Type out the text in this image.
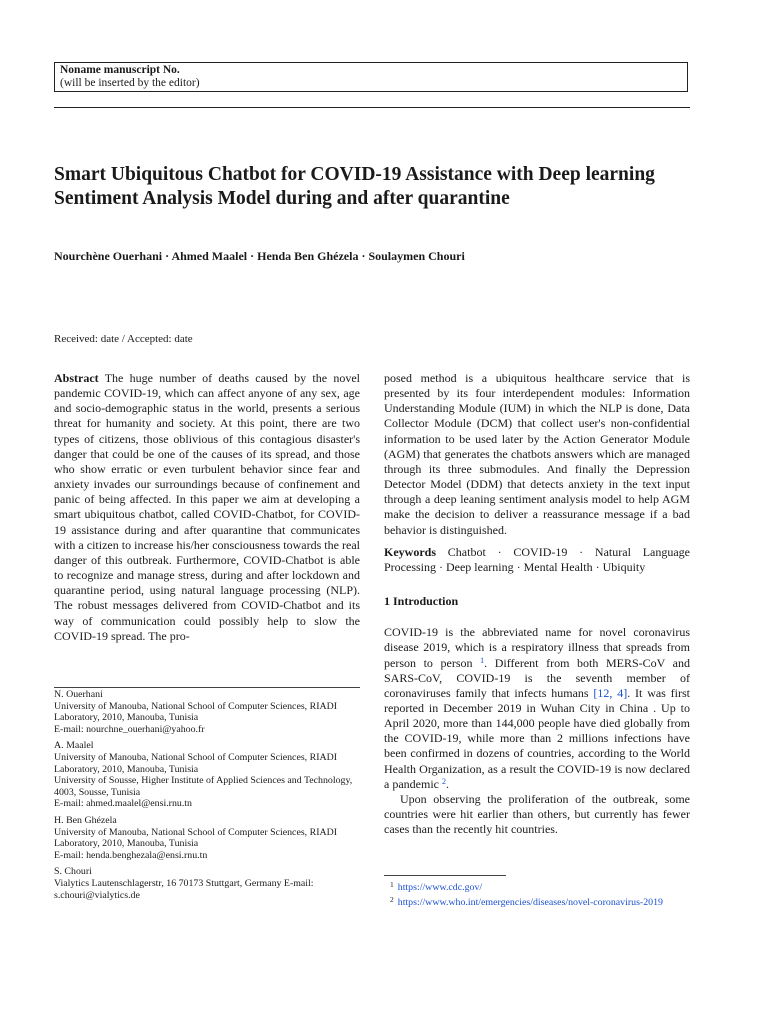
Noname manuscript No.
(will be inserted by the editor)
Smart Ubiquitous Chatbot for COVID-19 Assistance with Deep learning Sentiment Analysis Model during and after quarantine
Nourchène Ouerhani · Ahmed Maalel · Henda Ben Ghézela · Soulaymen Chouri
Received: date / Accepted: date

Abstract The huge number of deaths caused by the novel pandemic COVID-19, which can affect anyone of any sex, age and socio-demographic status in the world, presents a serious threat for humanity and society. At this point, there are two types of citizens, those oblivious of this contagious disaster's danger that could be one of the causes of its spread, and those who show erratic or even turbulent behavior since fear and anxiety invades our surroundings because of confinement and panic of being affected. In this paper we aim at developing a smart ubiquitous chatbot, called COVID-Chatbot, for COVID-19 assistance during and after quarantine that communicates with a citizen to increase his/her consciousness towards the real danger of this outbreak. Furthermore, COVID-Chatbot is able to recognize and manage stress, during and after lockdown and quarantine period, using natural language processing (NLP). The robust messages delivered from COVID-Chatbot and its way of communication could possibly help to slow the COVID-19 spread. The pro-

posed method is a ubiquitous healthcare service that is presented by its four interdependent modules: Information Understanding Module (IUM) in which the NLP is done, Data Collector Module (DCM) that collect user's non-confidential information to be used later by the Action Generator Module (AGM) that generates the chatbots answers which are managed through its three submodules. And finally the Depression Detector Model (DDM) that detects anxiety in the text input through a deep leaning sentiment analysis model to help AGM make the decision to deliver a reassurance message if a bad behavior is distinguished.

Keywords Chatbot · COVID-19 · Natural Language Processing · Deep learning · Mental Health · Ubiquity

1 Introduction

COVID-19 is the abbreviated name for novel coronavirus disease 2019, which is a respiratory illness that spreads from person to person $^1$. Different from both MERS-CoV and SARS-CoV, COVID-19 is the seventh member of coronaviruses family that infects humans [12, 4]. It was first reported in December 2019 in Wuhan City in China . Up to April 2020, more than 144,000 people have died globally from the COVID-19, while more than 2 millions infections have been confirmed in dozens of countries, according to the World Health Organization, as a result the COVID-19 is now declared a pandemic $^2$.

Upon observing the proliferation of the outbreak, some countries were hit earlier than others, but currently has fewer cases than the recently hit countries.

N. Ouerhani
University of Manouba, National School of Computer Sciences, RIADI Laboratory, 2010, Manouba, Tunisia
E-mail: nourchne_ouerhani@yahoo.fr
A. Maalel
University of Manouba, National School of Computer Sciences, RIADI Laboratory, 2010, Manouba, Tunisia
University of Sousse, Higher Institute of Applied Sciences and Technology, 4003, Sousse, Tunisia
E-mail: ahmed.maalel@ensi.rnu.tn
H. Ben Ghézela
University of Manouba, National School of Computer Sciences, RIADI Laboratory, 2010, Manouba, Tunisia
E-mail: henda.benghezala@ensi.rnu.tn
S. Chouri
Vialytics Lautenschlagerstr, 16 70173 Stuttgart, Germany E-mail: s.chouri@vialytics.de
$^1$ https://www.cdc.gov/
$^2$ https://www.who.int/emergencies/diseases/novel-coronavirus-2019
